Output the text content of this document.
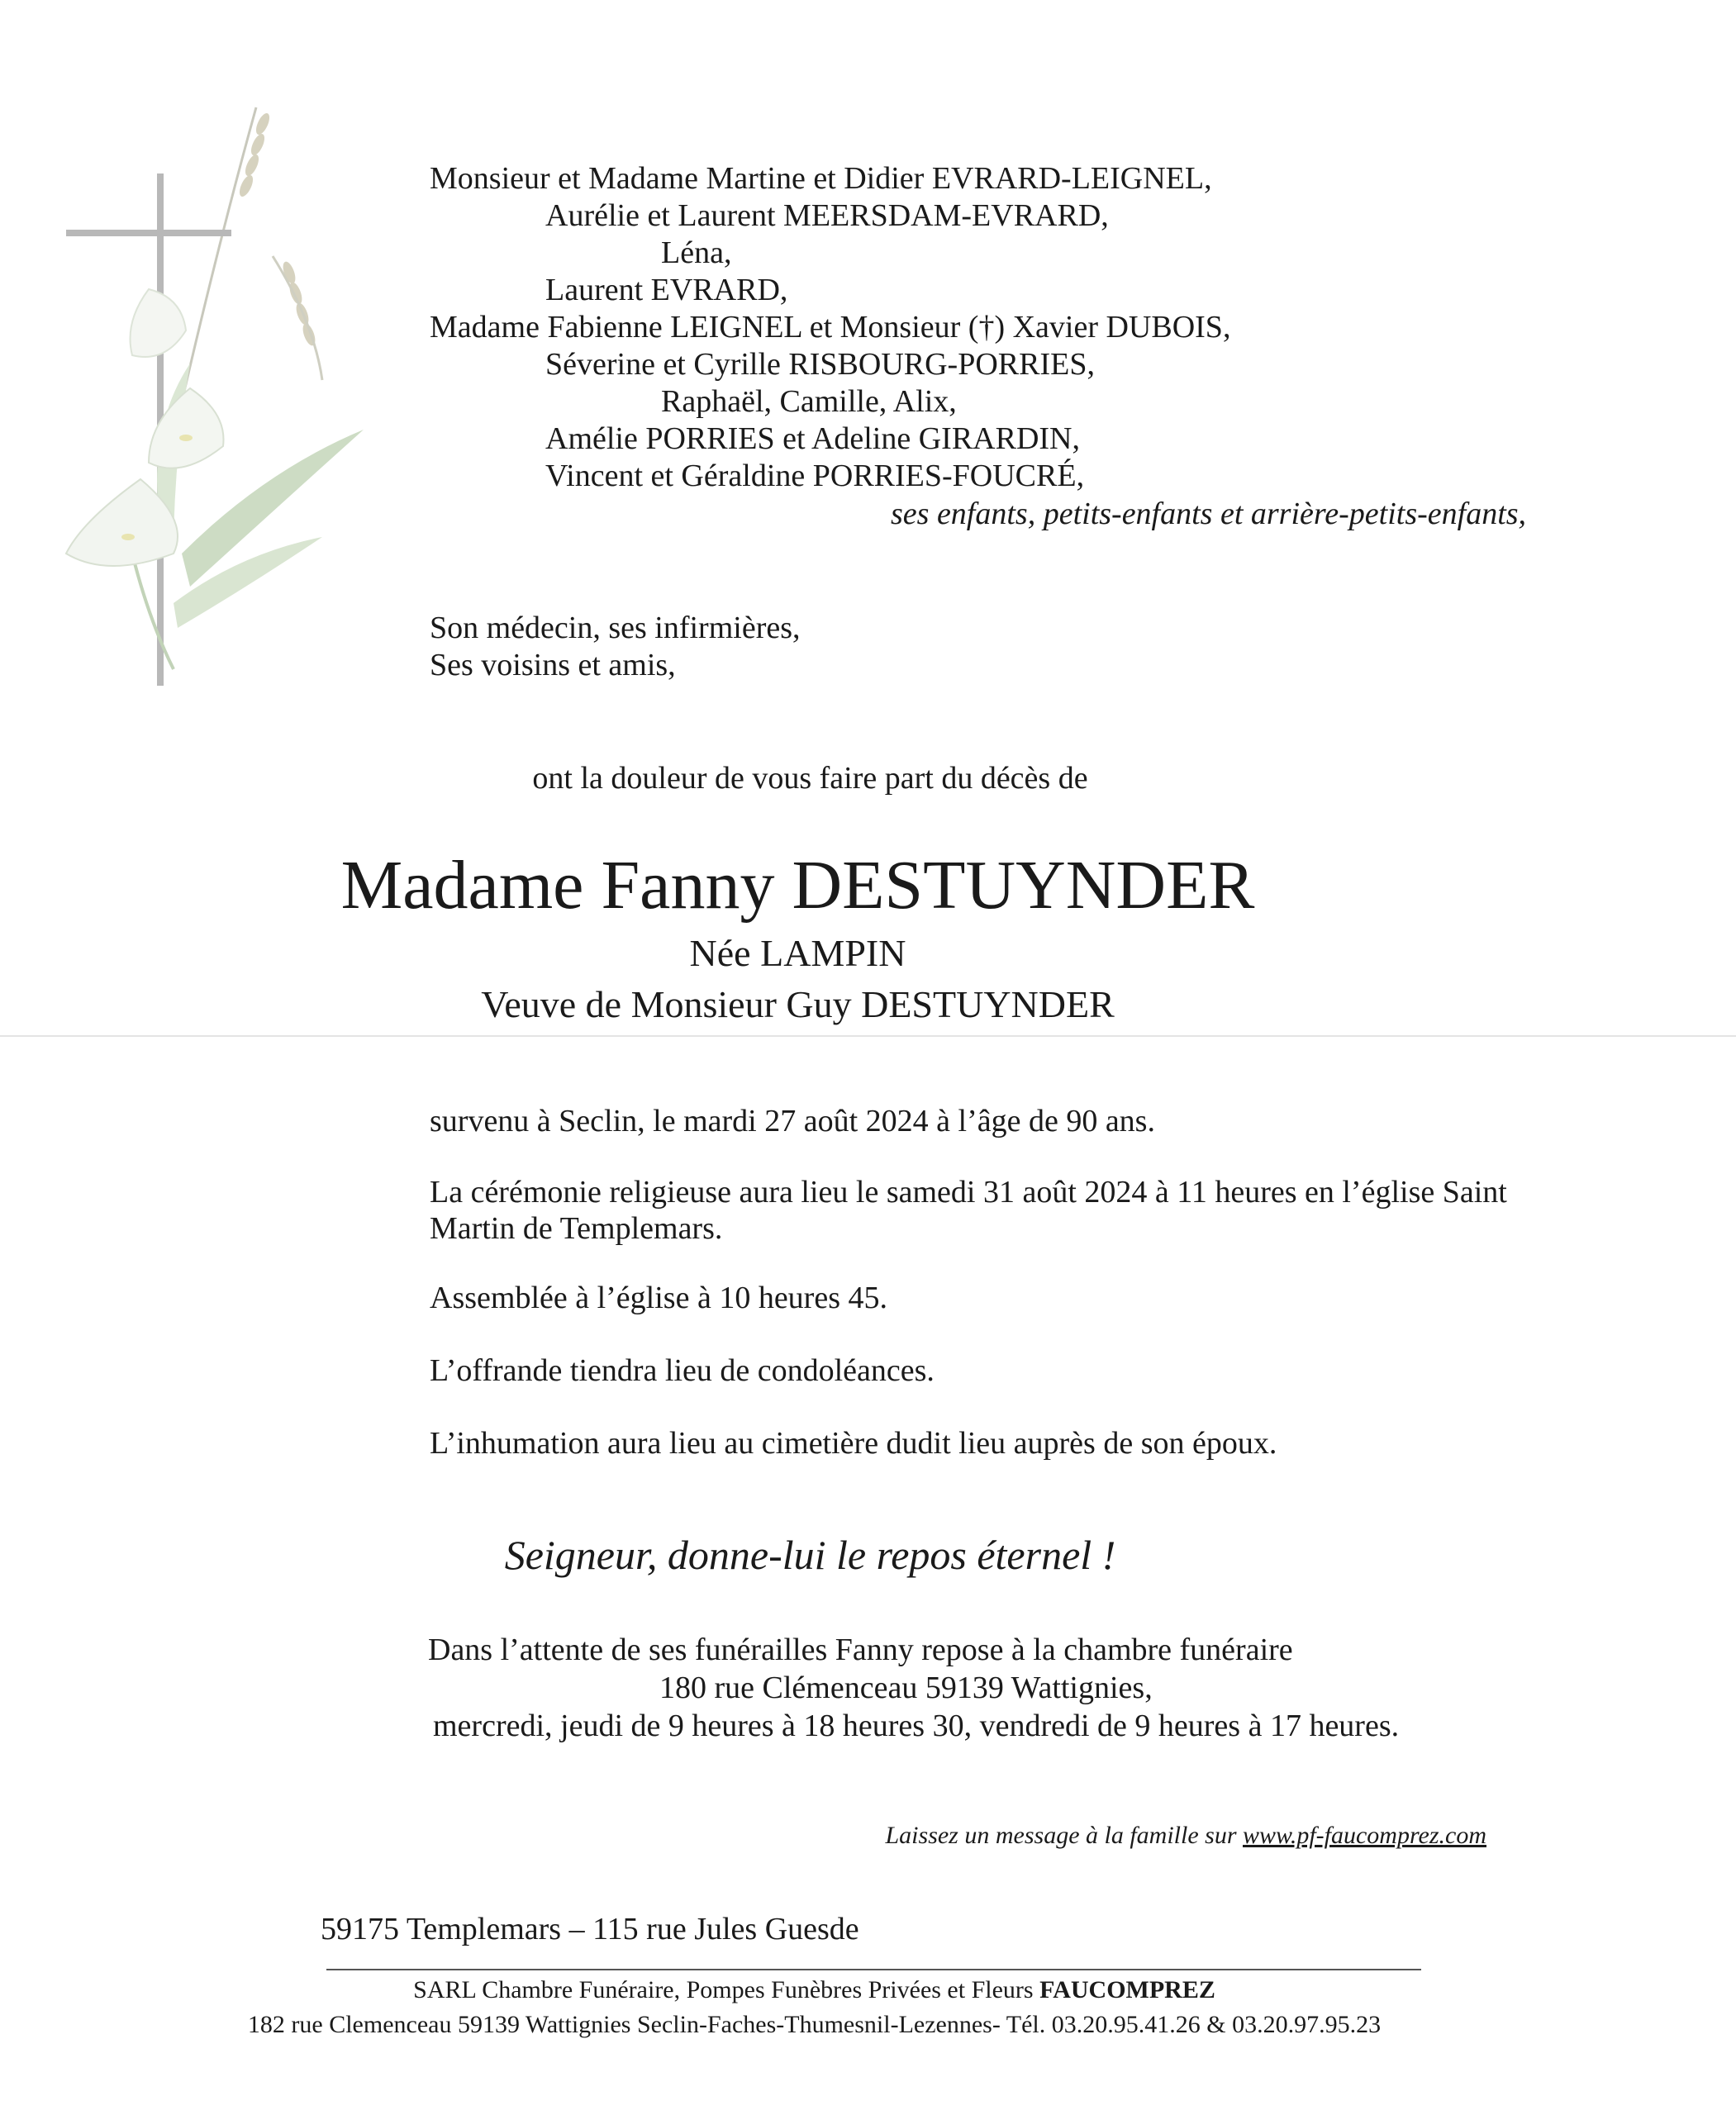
Monsieur et Madame Martine et Didier EVRARD-LEIGNEL,
Aurélie et Laurent MEERSDAM-EVRARD,
Léna,
Laurent EVRARD,
Madame Fabienne LEIGNEL et Monsieur (†) Xavier DUBOIS,
Séverine et Cyrille RISBOURG-PORRIES,
Raphaël, Camille, Alix,
Amélie PORRIES et Adeline GIRARDIN,
Vincent et Géraldine PORRIES-FOUCRÉ,
ses enfants, petits-enfants et arrière-petits-enfants,
Son médecin, ses infirmières,
Ses voisins et amis,
ont la douleur de vous faire part du décès de
Madame Fanny DESTUYNDER
Née LAMPIN
Veuve de Monsieur Guy DESTUYNDER
survenu à Seclin, le mardi 27 août 2024 à l’âge de 90 ans.
La cérémonie religieuse aura lieu le samedi 31 août 2024 à 11 heures en l’église Saint
Martin de Templemars.
Assemblée à l’église à 10 heures 45.
L’offrande tiendra lieu de condoléances.
L’inhumation aura lieu au cimetière dudit lieu auprès de son époux.
Seigneur, donne-lui le repos éternel !
Dans l’attente de ses funérailles Fanny repose à la chambre funéraire
180 rue Clémenceau 59139 Wattignies,
mercredi, jeudi de 9 heures à 18 heures 30, vendredi de 9 heures à 17 heures.
Laissez un message à la famille sur www.pf-faucomprez.com
59175 Templemars – 115 rue Jules Guesde
SARL Chambre Funéraire, Pompes Funèbres Privées et Fleurs FAUCOMPREZ
182 rue Clemenceau 59139 Wattignies Seclin-Faches-Thumesnil-Lezennes- Tél. 03.20.95.41.26 & 03.20.97.95.23
